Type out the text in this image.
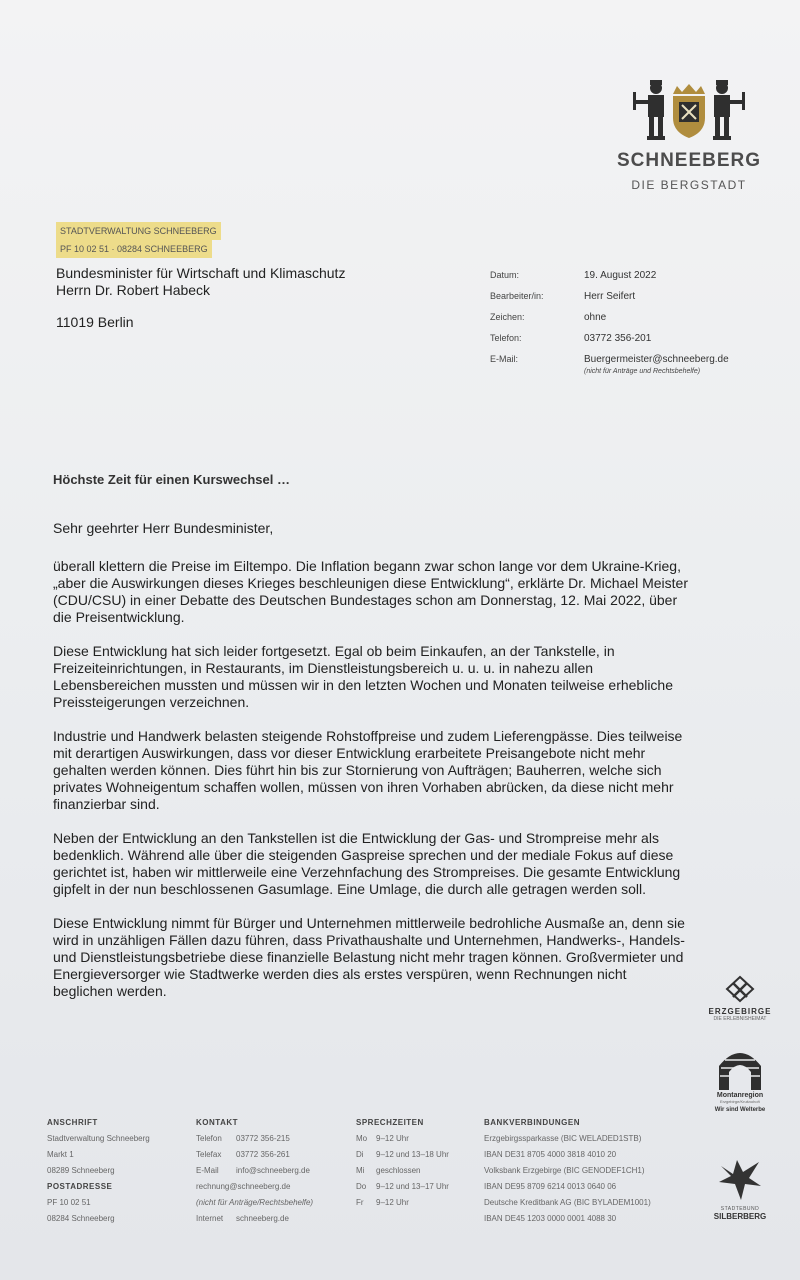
SCHNEEBERG
DIE BERGSTADT
STADTVERWALTUNG SCHNEEBERG
PF 10 02 51 · 08284 SCHNEEBERG
Bundesminister für Wirtschaft und Klimaschutz
Herrn Dr. Robert Habeck
11019 Berlin
Datum:	19. August 2022
Bearbeiter/in:	Herr Seifert
Zeichen:	ohne
Telefon:	03772 356-201
E-Mail:	Buergermeister@schneeberg.de
(nicht für Anträge und Rechtsbehelfe)
Höchste Zeit für einen Kurswechsel …
Sehr geehrter Herr Bundesminister,

überall klettern die Preise im Eiltempo. Die Inflation begann zwar schon lange vor dem Ukraine-Krieg, „aber die Auswirkungen dieses Krieges beschleunigen diese Entwicklung“, erklärte Dr. Michael Meister (CDU/CSU) in einer Debatte des Deutschen Bundestages schon am Donnerstag, 12. Mai 2022, über die Preisentwicklung.

Diese Entwicklung hat sich leider fortgesetzt. Egal ob beim Einkaufen, an der Tankstelle, in Freizeiteinrichtungen, in Restaurants, im Dienstleistungsbereich u. u. u. in nahezu allen Lebensbereichen mussten und müssen wir in den letzten Wochen und Monaten teilweise erhebliche Preissteigerungen verzeichnen.

Industrie und Handwerk belasten steigende Rohstoffpreise und zudem Lieferengpässe. Dies teilweise mit derartigen Auswirkungen, dass vor dieser Entwicklung erarbeitete Preisangebote nicht mehr gehalten werden können. Dies führt hin bis zur Stornierung von Aufträgen; Bauherren, welche sich privates Wohneigentum schaffen wollen, müssen von ihren Vorhaben abrücken, da diese nicht mehr finanzierbar sind.

Neben der Entwicklung an den Tankstellen ist die Entwicklung der Gas- und Strompreise mehr als bedenklich. Während alle über die steigenden Gaspreise sprechen und der mediale Fokus auf diese gerichtet ist, haben wir mittlerweile eine Verzehnfachung des Strompreises. Die gesamte Entwicklung gipfelt in der nun beschlossenen Gasumlage. Eine Umlage, die durch alle getragen werden soll.

Diese Entwicklung nimmt für Bürger und Unternehmen mittlerweile bedrohliche Ausmaße an, denn sie wird in unzähligen Fällen dazu führen, dass Privathaushalte und Unternehmen, Handwerks-, Handels- und Dienstleistungsbetriebe diese finanzielle Belastung nicht mehr tragen können. Großvermieter und Energieversorger wie Stadtwerke werden dies als erstes verspüren, wenn Rechnungen nicht beglichen werden.

ERZGEBIRGE
DIE ERLEBNISHEIMAT
Montanregion
Erzgebirge/Krušnohoří
Wir sind Welterbe
STADTEBUND
SILBERBERG
ANSCHRIFT
Stadtverwaltung Schneeberg
Markt 1
08289 Schneeberg
POSTADRESSE
PF 10 02 51
08284 Schneeberg
KONTAKT
Telefon 03772 356-215
Telefax 03772 356-261
E-Mail info@schneeberg.de
rechnung@schneeberg.de
(nicht für Anträge/Rechtsbehelfe)
Internet schneeberg.de
SPRECHZEITEN
Mo 9–12 Uhr
Di 9–12 und 13–18 Uhr
Mi geschlossen
Do 9–12 und 13–17 Uhr
Fr 9–12 Uhr
BANKVERBINDUNGEN
Erzgebirgssparkasse (BIC WELADED1STB)
IBAN DE31 8705 4000 3818 4010 20
Volksbank Erzgebirge (BIC GENODEF1CH1)
IBAN DE95 8709 6214 0013 0640 06
Deutsche Kreditbank AG (BIC BYLADEM1001)
IBAN DE45 1203 0000 0001 4088 30
